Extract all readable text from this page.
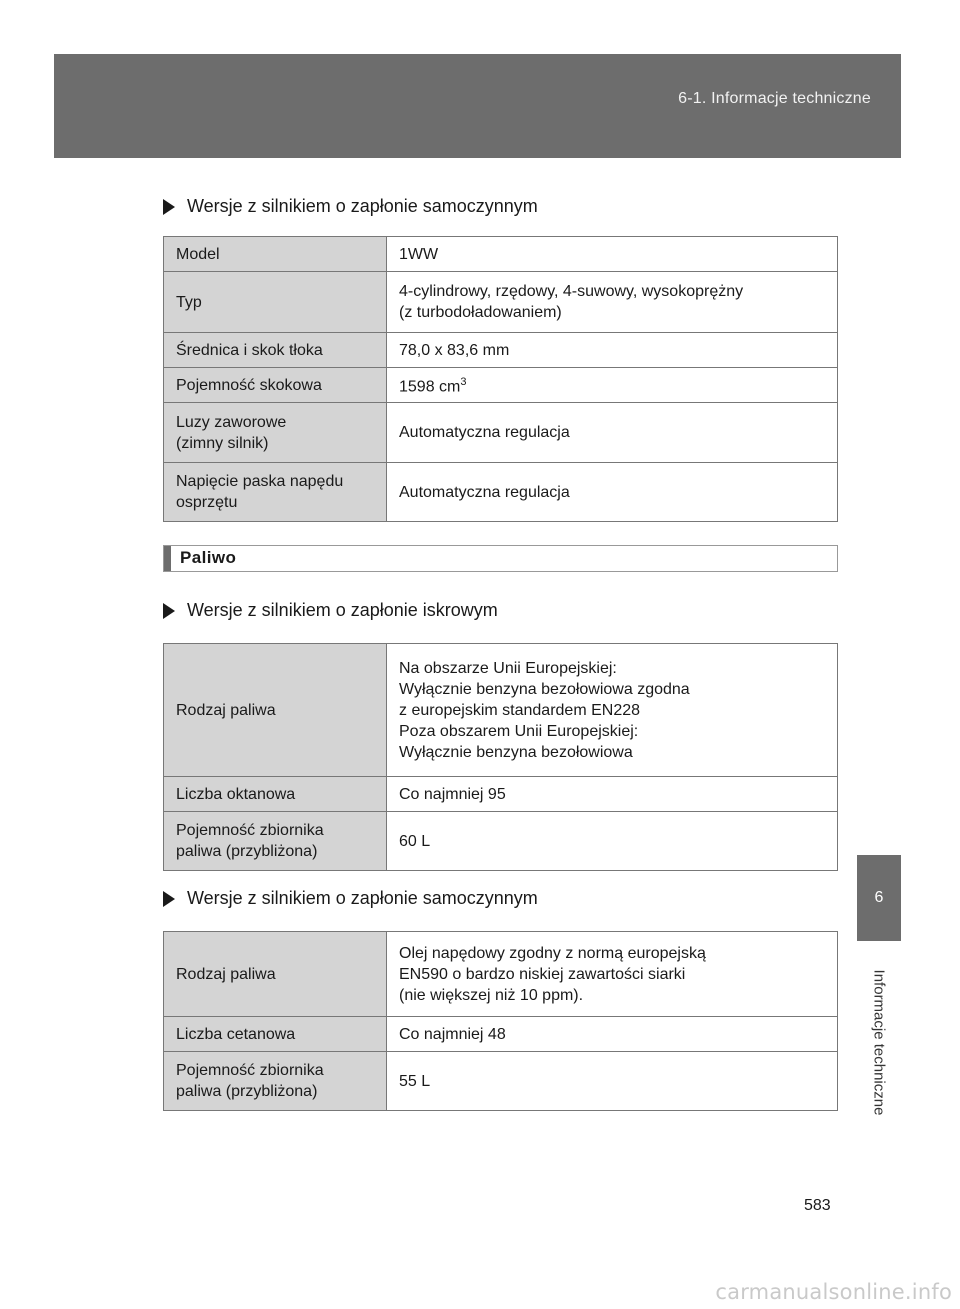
6-1. Informacje techniczne
6
Informacje techniczne
Wersje z silnikiem o zapłonie samoczynnym
Model	1WW
Typ	4-cylindrowy, rzędowy, 4-suwowy, wysokoprężny
(z turbodoładowaniem)

Średnica i skok tłoka	78,0 x 83,6 mm
Pojemność skokowa	1598 $cm^3$

Luzy zaworowe
(zimny silnik)	Automatyczna regulacja

Napięcie paska napędu
osprzętu	Automatyczna regulacja
Paliwo
Wersje z silnikiem o zapłonie iskrowym
Rodzaj paliwa	Na obszarze Unii Europejskiej:
Wyłącznie benzyna bezołowiowa zgodna
z europejskim standardem EN228
Poza obszarem Unii Europejskiej:
Wyłącznie benzyna bezołowiowa

Liczba oktanowa	Co najmniej 95

Pojemność zbiornika
paliwa (przybliżona)	60 L
Wersje z silnikiem o zapłonie samoczynnym
Rodzaj paliwa	Olej napędowy zgodny z normą europejską
EN590 o bardzo niskiej zawartości siarki
(nie większej niż 10 ppm).

Liczba cetanowa	Co najmniej 48

Pojemność zbiornika
paliwa (przybliżona)	55 L
583
carmanualsonline.info
